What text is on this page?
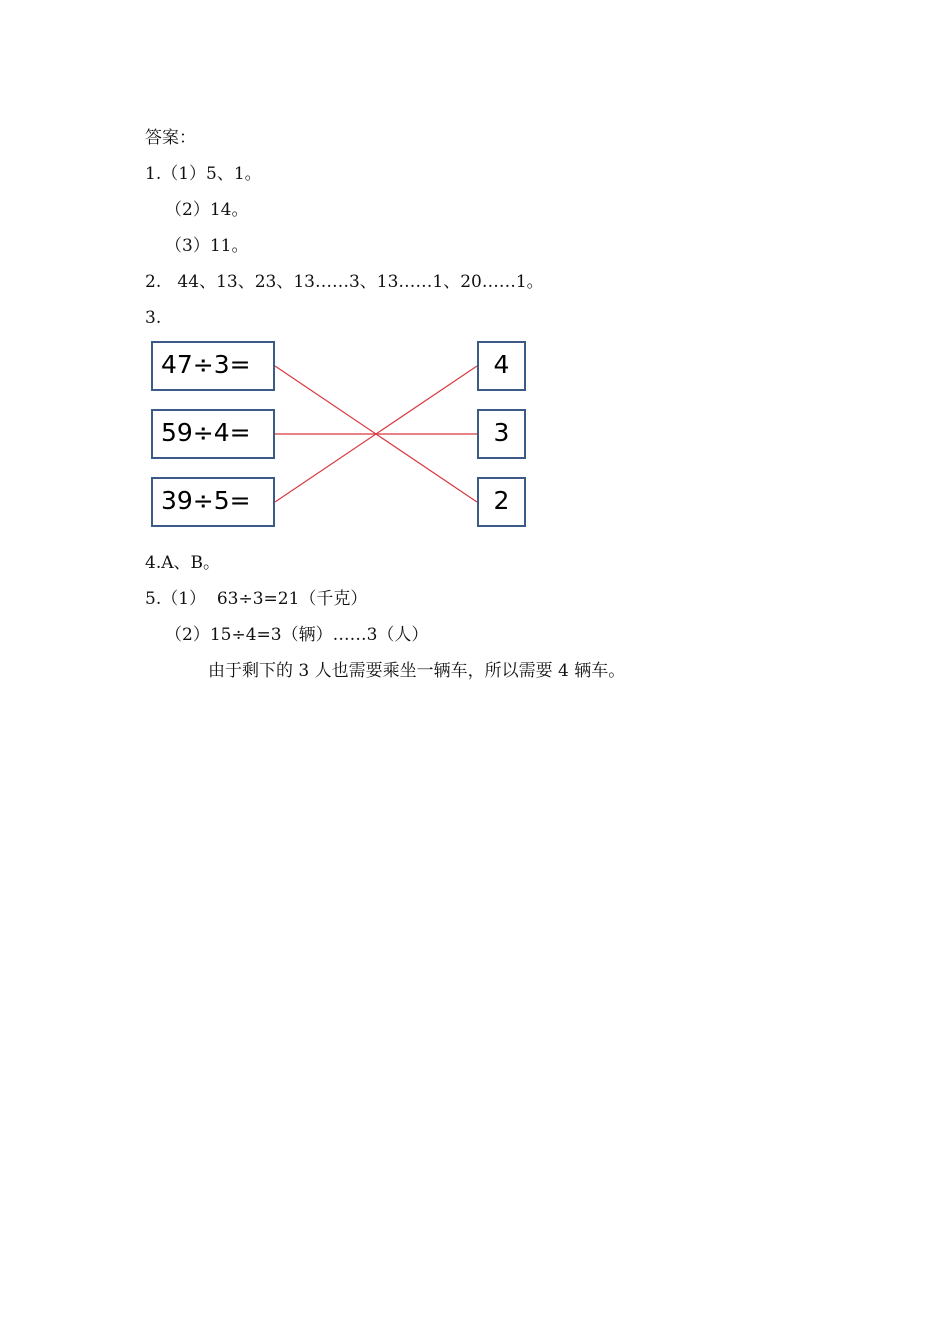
答案：
1.（1）5、1。
（2）14。
（3）11。
2.   44、13、23、13……3、13……1、20……1。
3.
47÷3=
59÷4=
39÷5=
4
3
2
4.A、B。
5.（1）  63÷3=21（千克）
（2）15÷4=3（辆）……3（人）
由于剩下的 3 人也需要乘坐一辆车，所以需要 4 辆车。
